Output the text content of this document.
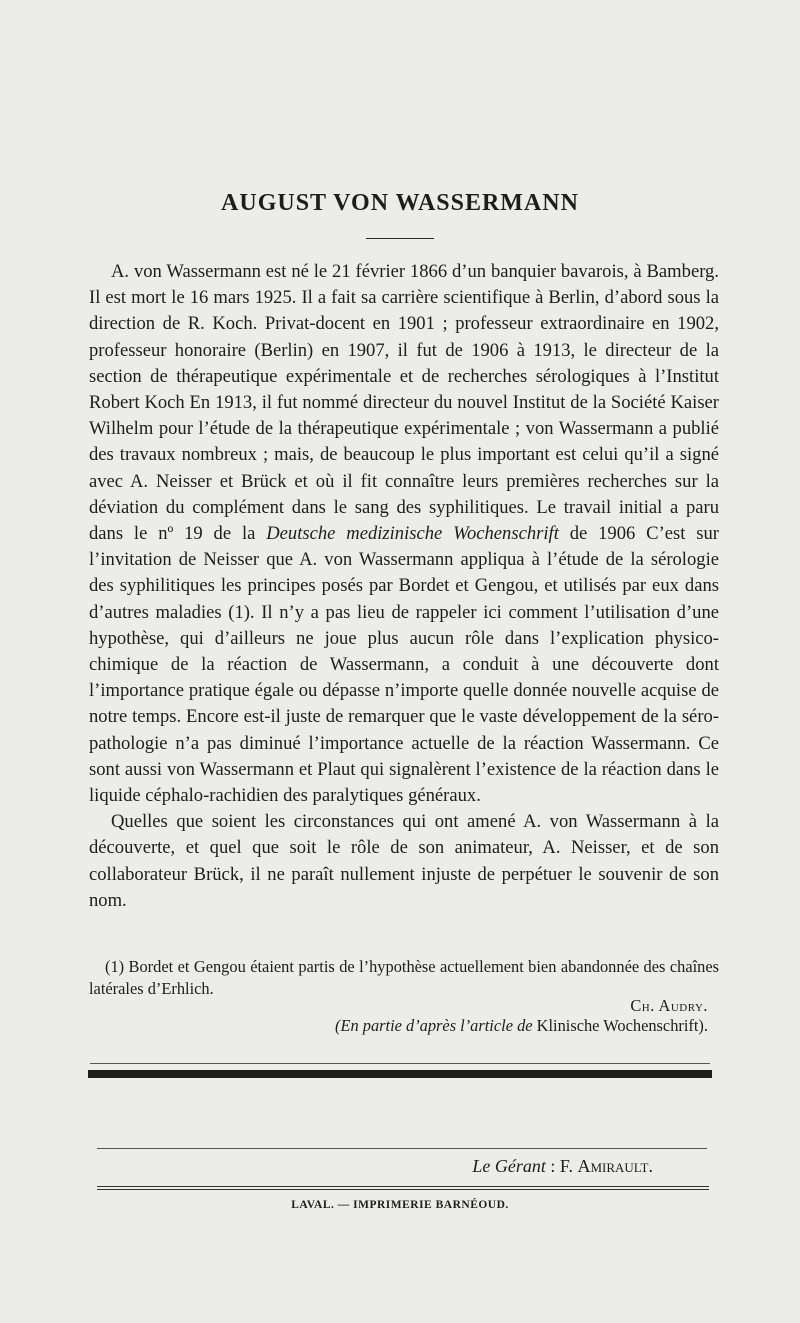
AUGUST VON WASSERMANN

A. von Wassermann est né le 21 février 1866 d’un banquier bavarois, à Bamberg. Il est mort le 16 mars 1925. Il a fait sa carrière scientifique à Berlin, d’abord sous la direction de R. Koch. Privat-docent en 1901 ; professeur extraordinaire en 1902, professeur honoraire (Berlin) en 1907, il fut de 1906 à 1913, le directeur de la section de thérapeutique expérimentale et de recherches sérologiques à l’Institut Robert Koch En 1913, il fut nommé directeur du nouvel Institut de la Société Kaiser Wilhelm pour l’étude de la thérapeutique expérimentale ; von Wassermann a publié des travaux nombreux ; mais, de beaucoup le plus important est celui qu’il a signé avec A. Neisser et Brück et où il fit connaître leurs premières recherches sur la déviation du complément dans le sang des syphilitiques. Le travail initial a paru dans le nº 19 de la Deutsche medizinische Wochenschrift de 1906 C’est sur l’invitation de Neisser que A. von Wassermann appliqua à l’étude de la sérologie des syphilitiques les principes posés par Bordet et Gengou, et utilisés par eux dans d’autres maladies (1). Il n’y a pas lieu de rappeler ici comment l’utilisation d’une hypothèse, qui d’ailleurs ne joue plus aucun rôle dans l’explication physico-chimique de la réaction de Wassermann, a conduit à une découverte dont l’importance pratique égale ou dépasse n’importe quelle donnée nouvelle acquise de notre temps. Encore est-il juste de remarquer que le vaste développement de la séro-pathologie n’a pas diminué l’importance actuelle de la réaction Wassermann. Ce sont aussi von Wassermann et Plaut qui signalèrent l’existence de la réaction dans le liquide céphalo-rachidien des paralytiques généraux.

Quelles que soient les circonstances qui ont amené A. von Wassermann à la découverte, et quel que soit le rôle de son animateur, A. Neisser, et de son collaborateur Brück, il ne paraît nullement injuste de perpétuer le souvenir de son nom.

(1) Bordet et Gengou étaient partis de l’hypothèse actuellement bien abandonnée des chaînes latérales d’Erhlich.

Ch. Audry.
(En partie d’après l’article de Klinische Wochenschrift).
Le Gérant : F. Amirault.
LAVAL. — IMPRIMERIE BARNÉOUD.
